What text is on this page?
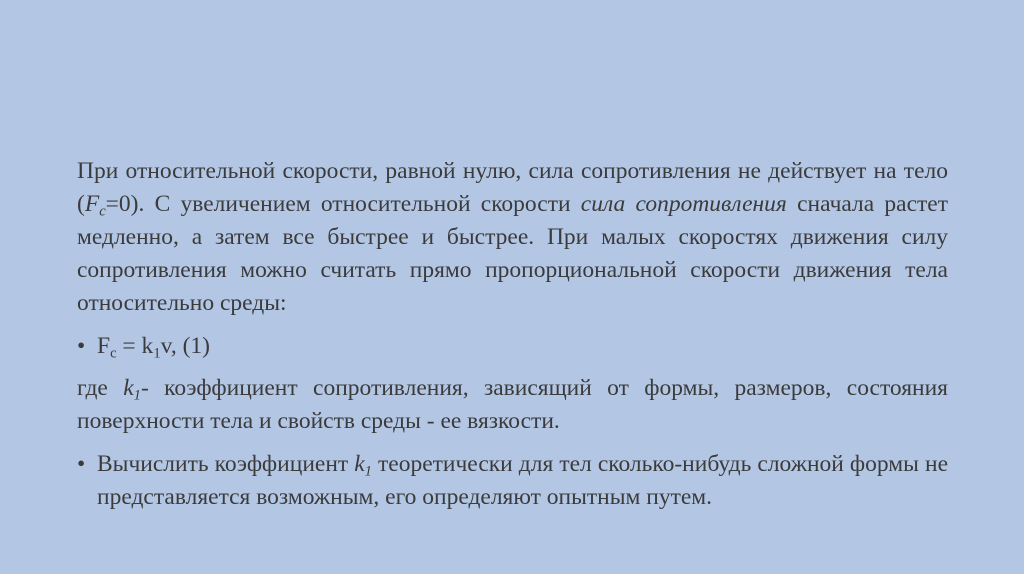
При относительной скорости, равной нулю, сила сопротивления не действует на тело $(F_c=0)$. С увеличением относительной скорости сила сопротивления сначала растет медленно, а затем все быстрее и быстрее. При малых скоростях движения силу сопротивления можно считать прямо пропорциональной скорости движения тела относительно среды:

• $F_c = k_1v$, (1)

где $k_1-$ коэффициент сопротивления, зависящий от формы, размеров, состояния поверхности тела и свойств среды - ее вязкости.

• Вычислить коэффициент $k_1$ теоретически для тел сколько-нибудь сложной формы не представляется возможным, его определяют опытным путем.
